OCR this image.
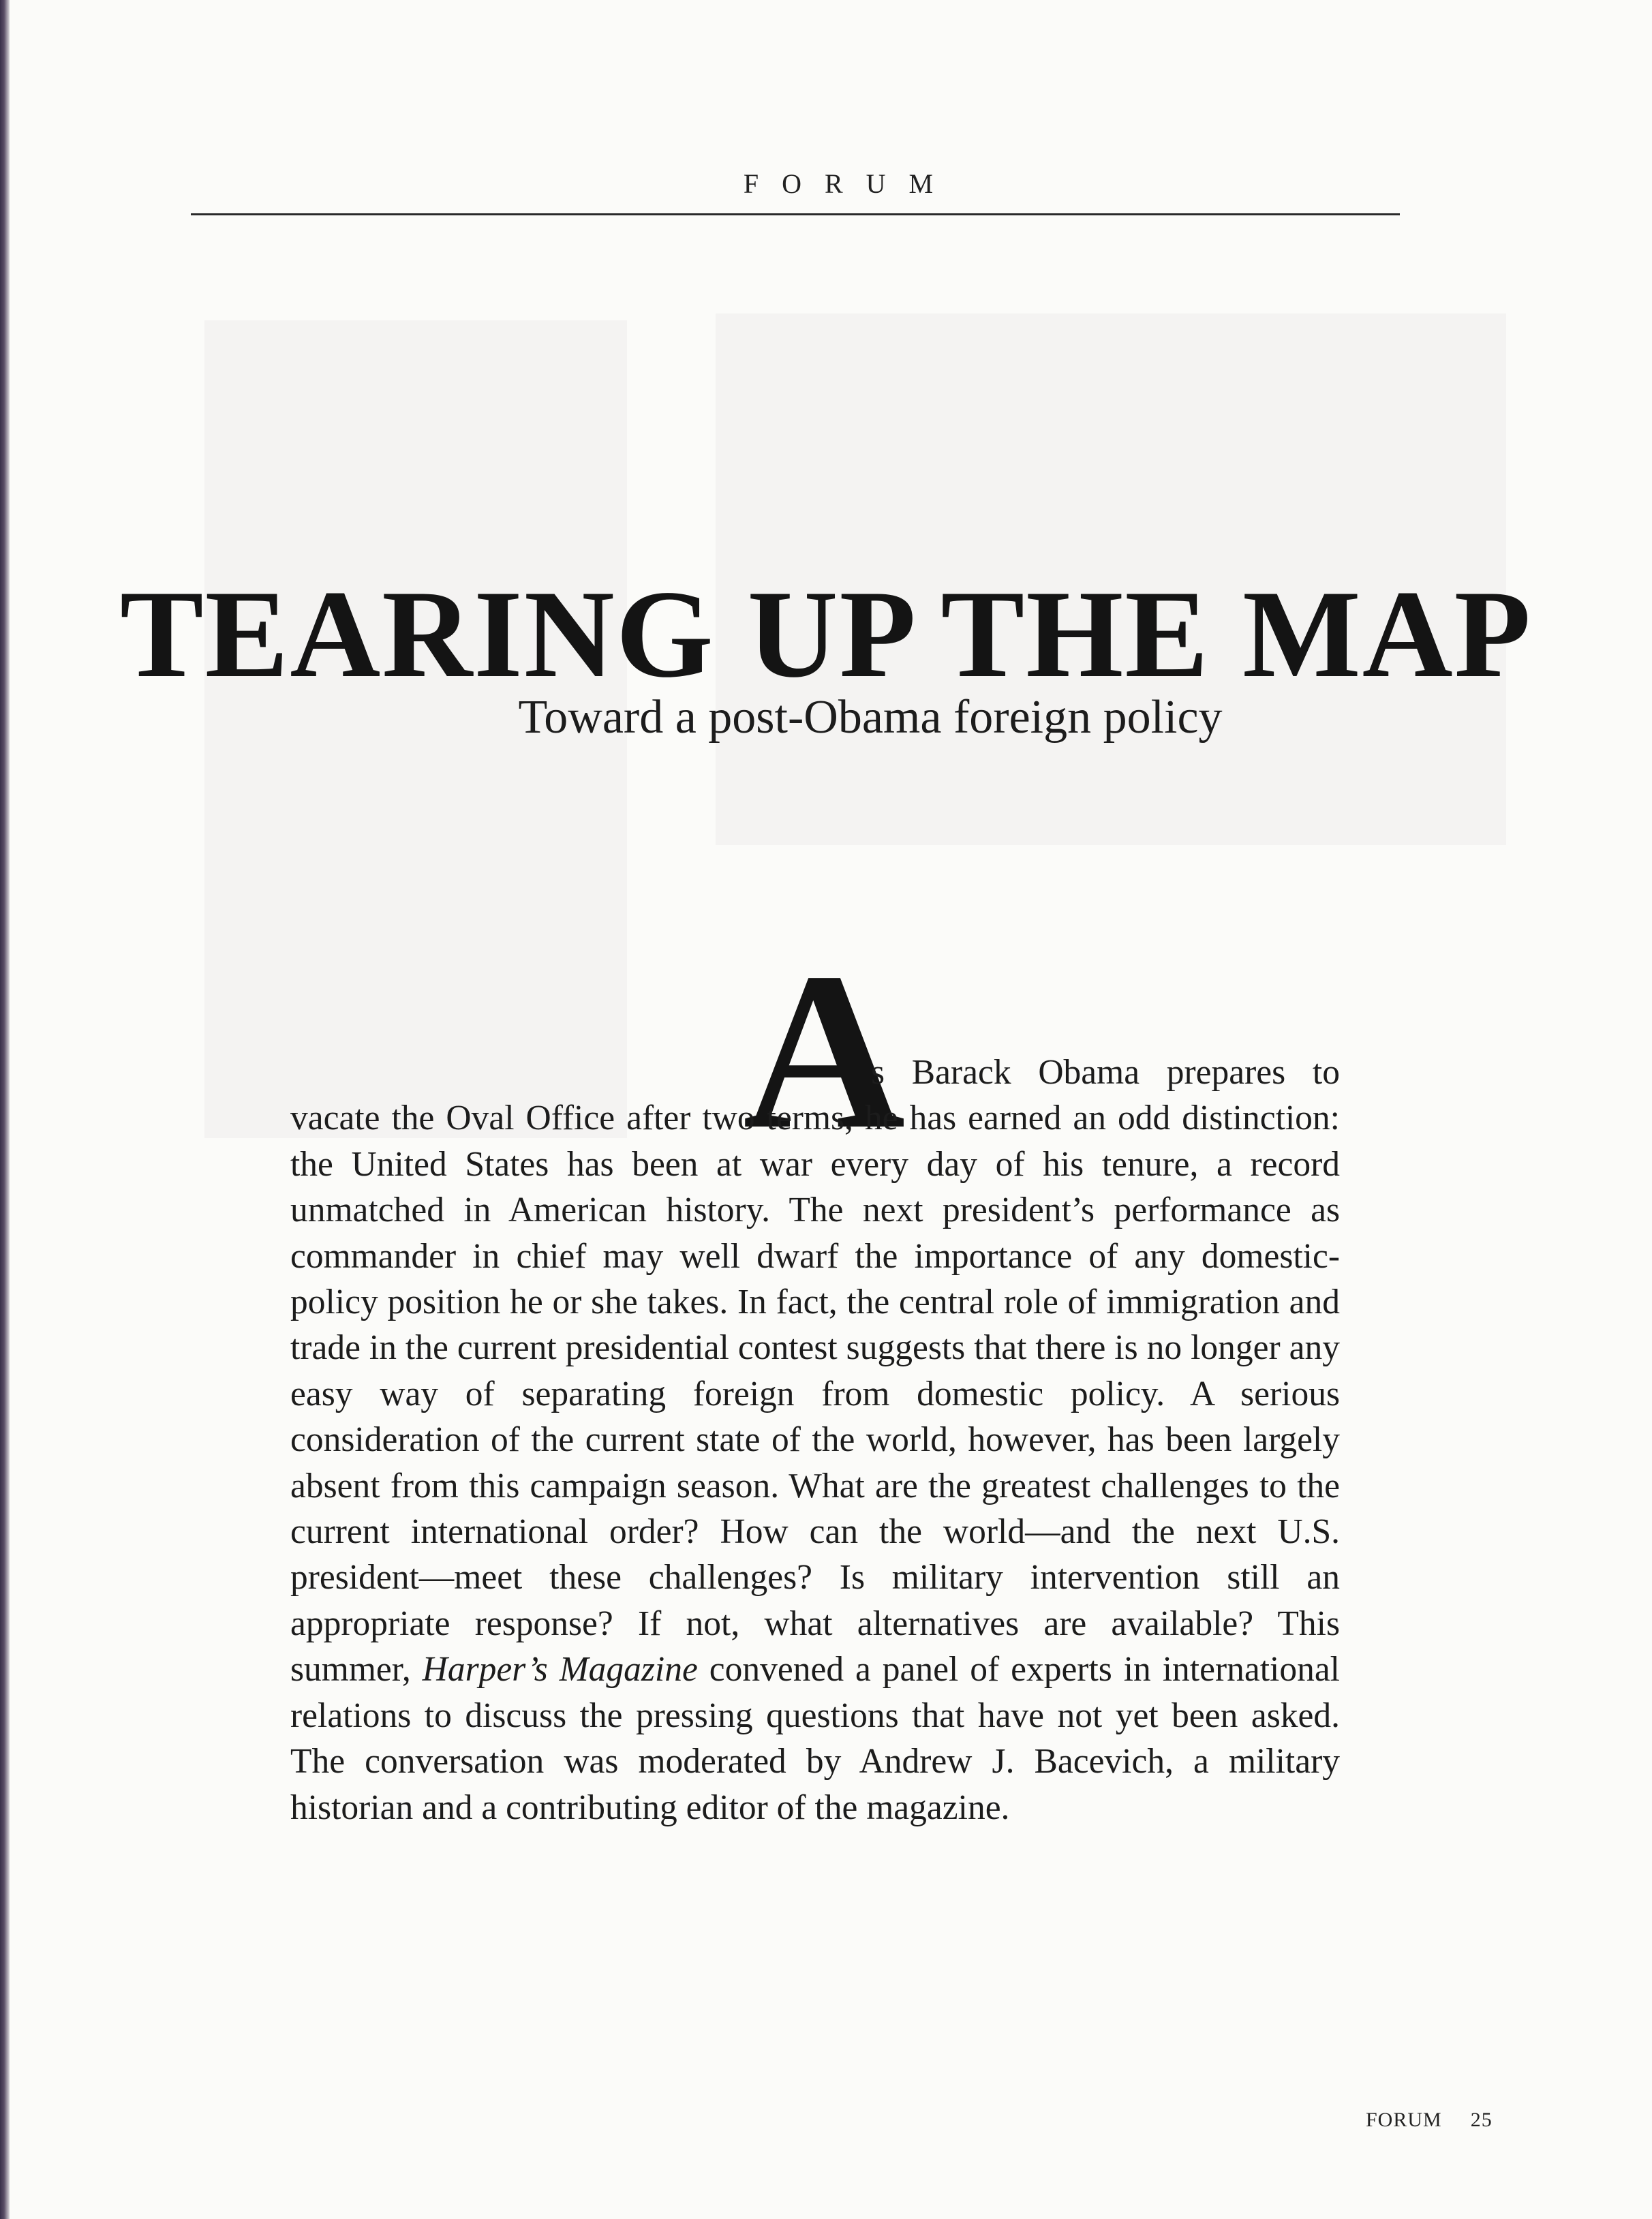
FORUM
TEARING UP THE MAP
Toward a post-Obama foreign policy
A
s Barack Obama prepares to
vacate the Oval Office after two terms, he has earned an odd distinction: the United States has been at war every day of his tenure, a record unmatched in American history. The next president’s performance as commander in chief may well dwarf the importance of any domestic-policy position he or she takes. In fact, the central role of immigration and trade in the current presidential contest suggests that there is no longer any easy way of separating foreign from domestic policy. A serious consideration of the current state of the world, however, has been largely absent from this campaign season. What are the greatest challenges to the current international order? How can the world—and the next U.S. president—meet these challenges? Is military intervention still an appropriate response? If not, what alternatives are available? This summer, Harper’s Magazine convened a panel of experts in international relations to discuss the pressing questions that have not yet been asked. The conversation was moderated by Andrew J. Bacevich, a military historian and a contributing editor of the magazine.
FORUM 25
